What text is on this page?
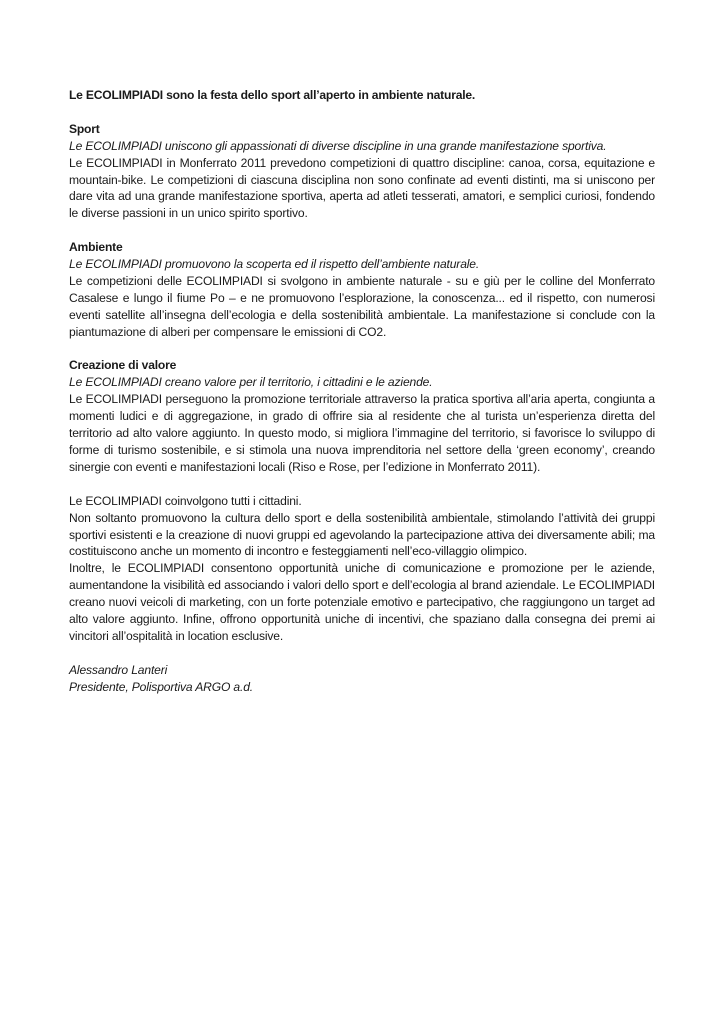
Le ECOLIMPIADI sono la festa dello sport all’aperto in ambiente naturale.

Sport

Le ECOLIMPIADI uniscono gli appassionati di diverse discipline in una grande manifestazione sportiva.

Le ECOLIMPIADI in Monferrato 2011 prevedono competizioni di quattro discipline: canoa, corsa, equitazione e mountain-bike. Le competizioni di ciascuna disciplina non sono confinate ad eventi distinti, ma si uniscono per dare vita ad una grande manifestazione sportiva, aperta ad atleti tesserati, amatori, e semplici curiosi, fondendo le diverse passioni in un unico spirito sportivo.

Ambiente

Le ECOLIMPIADI promuovono la scoperta ed il rispetto dell’ambiente naturale.

Le competizioni delle ECOLIMPIADI si svolgono in ambiente naturale - su e giù per le colline del Monferrato Casalese e lungo il fiume Po – e ne promuovono l’esplorazione, la conoscenza... ed il rispetto, con numerosi eventi satellite all’insegna dell’ecologia e della sostenibilità ambientale. La manifestazione si conclude con la piantumazione di alberi per compensare le emissioni di CO2.

Creazione di valore

Le ECOLIMPIADI creano valore per il territorio, i cittadini e le aziende.

Le ECOLIMPIADI perseguono la promozione territoriale attraverso la pratica sportiva all’aria aperta, congiunta a momenti ludici e di aggregazione, in grado di offrire sia al residente che al turista un’esperienza diretta del territorio ad alto valore aggiunto. In questo modo, si migliora l’immagine del territorio, si favorisce lo sviluppo di forme di turismo sostenibile, e si stimola una nuova imprenditoria nel settore della ‘green economy’, creando sinergie con eventi e manifestazioni locali (Riso e Rose, per l’edizione in Monferrato 2011).

Le ECOLIMPIADI coinvolgono tutti i cittadini.

Non soltanto promuovono la cultura dello sport e della sostenibilità ambientale, stimolando l’attività dei gruppi sportivi esistenti e la creazione di nuovi gruppi ed agevolando la partecipazione attiva dei diversamente abili; ma costituiscono anche un momento di incontro e festeggiamenti nell’eco-villaggio olimpico.

Inoltre, le ECOLIMPIADI consentono opportunità uniche di comunicazione e promozione per le aziende, aumentandone la visibilità ed associando i valori dello sport e dell’ecologia al brand aziendale. Le ECOLIMPIADI creano nuovi veicoli di marketing, con un forte potenziale emotivo e partecipativo, che raggiungono un target ad alto valore aggiunto. Infine, offrono opportunità uniche di incentivi, che spaziano dalla consegna dei premi ai vincitori all’ospitalità in location esclusive.

Alessandro Lanteri

Presidente, Polisportiva ARGO a.d.
